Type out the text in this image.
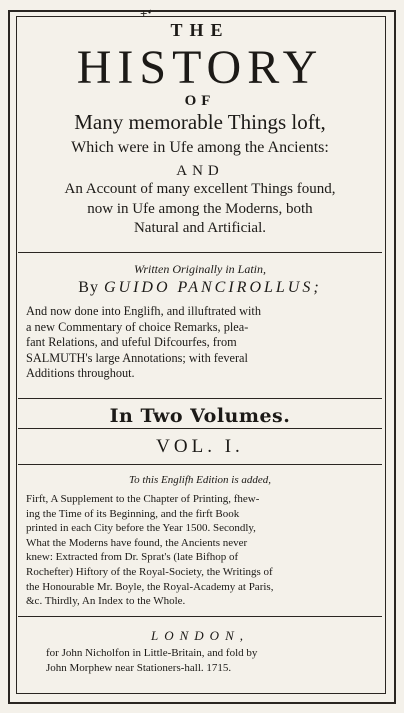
+‘
THE
HISTORY
OF
Many memorable Things loft,
Which were in Ufe among the Ancients:
AND
An Account of many excellent Things found,
now in Ufe among the Moderns, both
Natural and Artificial.
Written Originally in Latin,
By GUIDO PANCIROLLUS;
And now done into Englifh, and illuftrated with
a new Commentary of choice Remarks, plea-
fant Relations, and ufeful Difcourfes, from
SALMUTH's large Annotations; with feveral
Additions throughout.
In Two Volumes.
VOL. I.
To this Englifh Edition is added,
Firft, A Supplement to the Chapter of Printing, fhew-
ing the Time of its Beginning, and the firft Book
printed in each City before the Year 1500. Secondly,
What the Moderns have found, the Ancients never
knew: Extracted from Dr. Sprat's (late Bifhop of
Rochefter) Hiftory of the Royal-Society, the Writings of
the Honourable Mr. Boyle, the Royal-Academy at Paris,
&c. Thirdly, An Index to the Whole.
LONDON,
for John Nicholfon in Little-Britain, and fold by
John Morphew near Stationers-hall. 1715.
